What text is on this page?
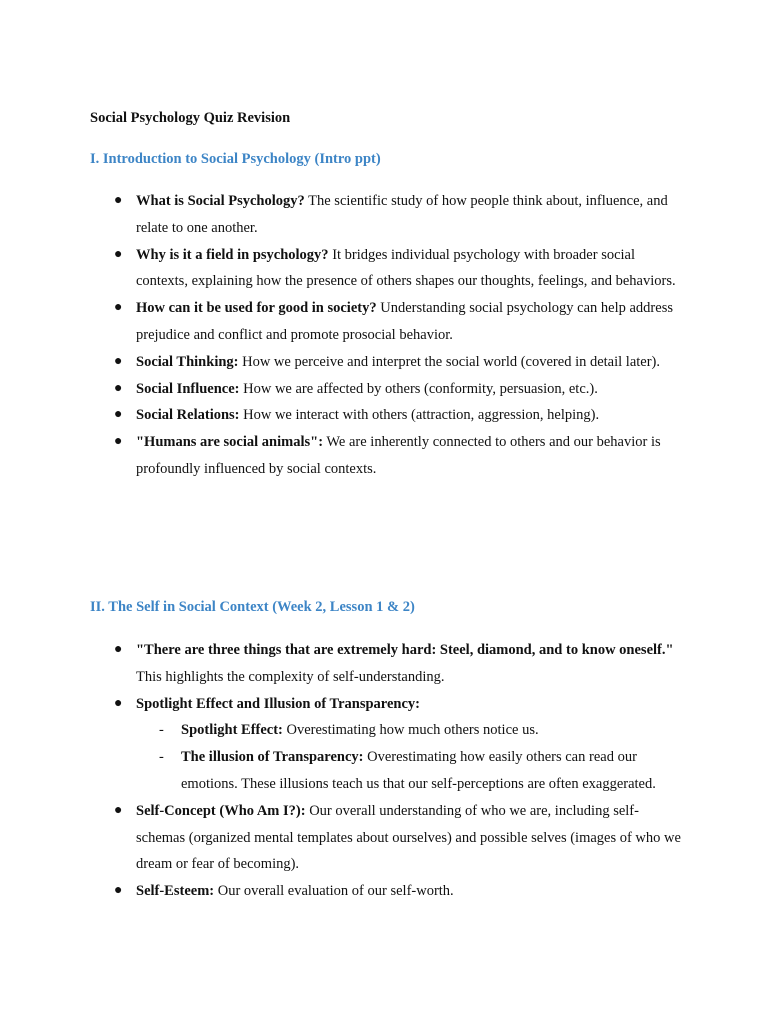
Social Psychology Quiz Revision
I. Introduction to Social Psychology (Intro ppt)
● What is Social Psychology? The scientific study of how people think about, influence, and relate to one another.
● Why is it a field in psychology? It bridges individual psychology with broader social contexts, explaining how the presence of others shapes our thoughts, feelings, and behaviors.
● How can it be used for good in society? Understanding social psychology can help address prejudice and conflict and promote prosocial behavior.
● Social Thinking: How we perceive and interpret the social world (covered in detail later).
● Social Influence: How we are affected by others (conformity, persuasion, etc.).
● Social Relations: How we interact with others (attraction, aggression, helping).
● "Humans are social animals": We are inherently connected to others and our behavior is profoundly influenced by social contexts.
II. The Self in Social Context (Week 2, Lesson 1 & 2)
● "There are three things that are extremely hard: Steel, diamond, and to know oneself." This highlights the complexity of self-understanding.
● Spotlight Effect and Illusion of Transparency:
- Spotlight Effect: Overestimating how much others notice us.
- The illusion of Transparency: Overestimating how easily others can read our emotions. These illusions teach us that our self-perceptions are often exaggerated.
● Self-Concept (Who Am I?): Our overall understanding of who we are, including self-schemas (organized mental templates about ourselves) and possible selves (images of who we dream or fear of becoming).
● Self-Esteem: Our overall evaluation of our self-worth.
